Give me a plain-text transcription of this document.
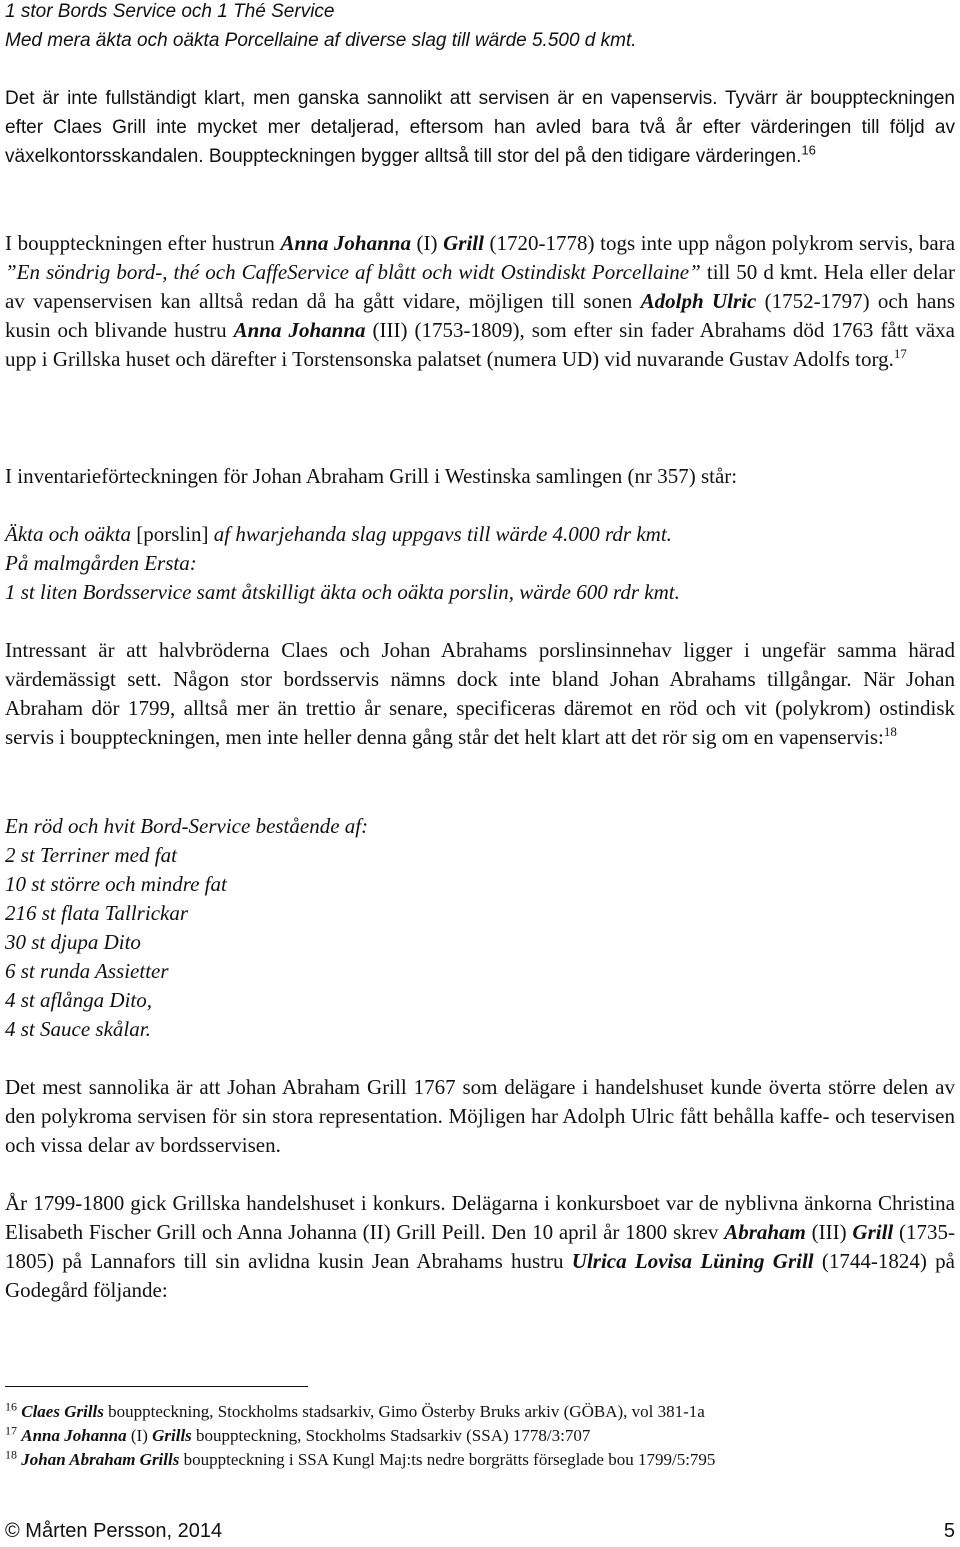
1 stor Bords Service och 1 Thé Service

Med mera äkta och oäkta Porcellaine af diverse slag till wärde 5.500 d kmt.

Det är inte fullständigt klart, men ganska sannolikt att servisen är en vapenservis. Tyvärr är bouppteckningen efter Claes Grill inte mycket mer detaljerad, eftersom han avled bara två år efter värderingen till följd av växelkontorsskandalen. Bouppteckningen bygger alltså till stor del på den tidigare värderingen.$^{16}$

I bouppteckningen efter hustrun Anna Johanna (I) Grill (1720-1778) togs inte upp någon polykrom servis, bara ”En söndrig bord-, thé och CaffeService af blått och widt Ostindiskt Porcellaine” till 50 d kmt. Hela eller delar av vapenservisen kan alltså redan då ha gått vidare, möjligen till sonen Adolph Ulric (1752-1797) och hans kusin och blivande hustru Anna Johanna (III) (1753-1809), som efter sin fader Abrahams död 1763 fått växa upp i Grillska huset och därefter i Torstensonska palatset (numera UD) vid nuvarande Gustav Adolfs torg.$^{17}$

I inventarieförteckningen för Johan Abraham Grill i Westinska samlingen (nr 357) står:

Äkta och oäkta [porslin] af hwarjehanda slag uppgavs till wärde 4.000 rdr kmt.

På malmgården Ersta:

1 st liten Bordsservice samt åtskilligt äkta och oäkta porslin, wärde 600 rdr kmt.

Intressant är att halvbröderna Claes och Johan Abrahams porslinsinnehav ligger i ungefär samma härad värdemässigt sett. Någon stor bordsservis nämns dock inte bland Johan Abrahams tillgångar. När Johan Abraham dör 1799, alltså mer än trettio år senare, specificeras däremot en röd och vit (polykrom) ostindisk servis i bouppteckningen, men inte heller denna gång står det helt klart att det rör sig om en vapenservis:$^{18}$

En röd och hvit Bord-Service bestående af:

2 st Terriner med fat

10 st större och mindre fat

216 st flata Tallrickar

30 st djupa Dito

6 st runda Assietter

4 st aflånga Dito,

4 st Sauce skålar.

Det mest sannolika är att Johan Abraham Grill 1767 som delägare i handelshuset kunde överta större delen av den polykroma servisen för sin stora representation. Möjligen har Adolph Ulric fått behålla kaffe- och teservisen och vissa delar av bordsservisen.

År 1799-1800 gick Grillska handelshuset i konkurs. Delägarna i konkursboet var de nyblivna änkorna Christina Elisabeth Fischer Grill och Anna Johanna (II) Grill Peill. Den 10 april år 1800 skrev Abraham (III) Grill (1735-1805) på Lannafors till sin avlidna kusin Jean Abrahams hustru Ulrica Lovisa Lüning Grill (1744-1824) på Godegård följande:

$^{16}$ Claes Grills bouppteckning, Stockholms stadsarkiv, Gimo Österby Bruks arkiv (GÖBA), vol 381-1a

$^{17}$ Anna Johanna (I) Grills bouppteckning, Stockholms Stadsarkiv (SSA) 1778/3:707

$^{18}$ Johan Abraham Grills bouppteckning i SSA Kungl Maj:ts nedre borgrätts förseglade bou 1799/5:795

© Mårten Persson, 2014	5
